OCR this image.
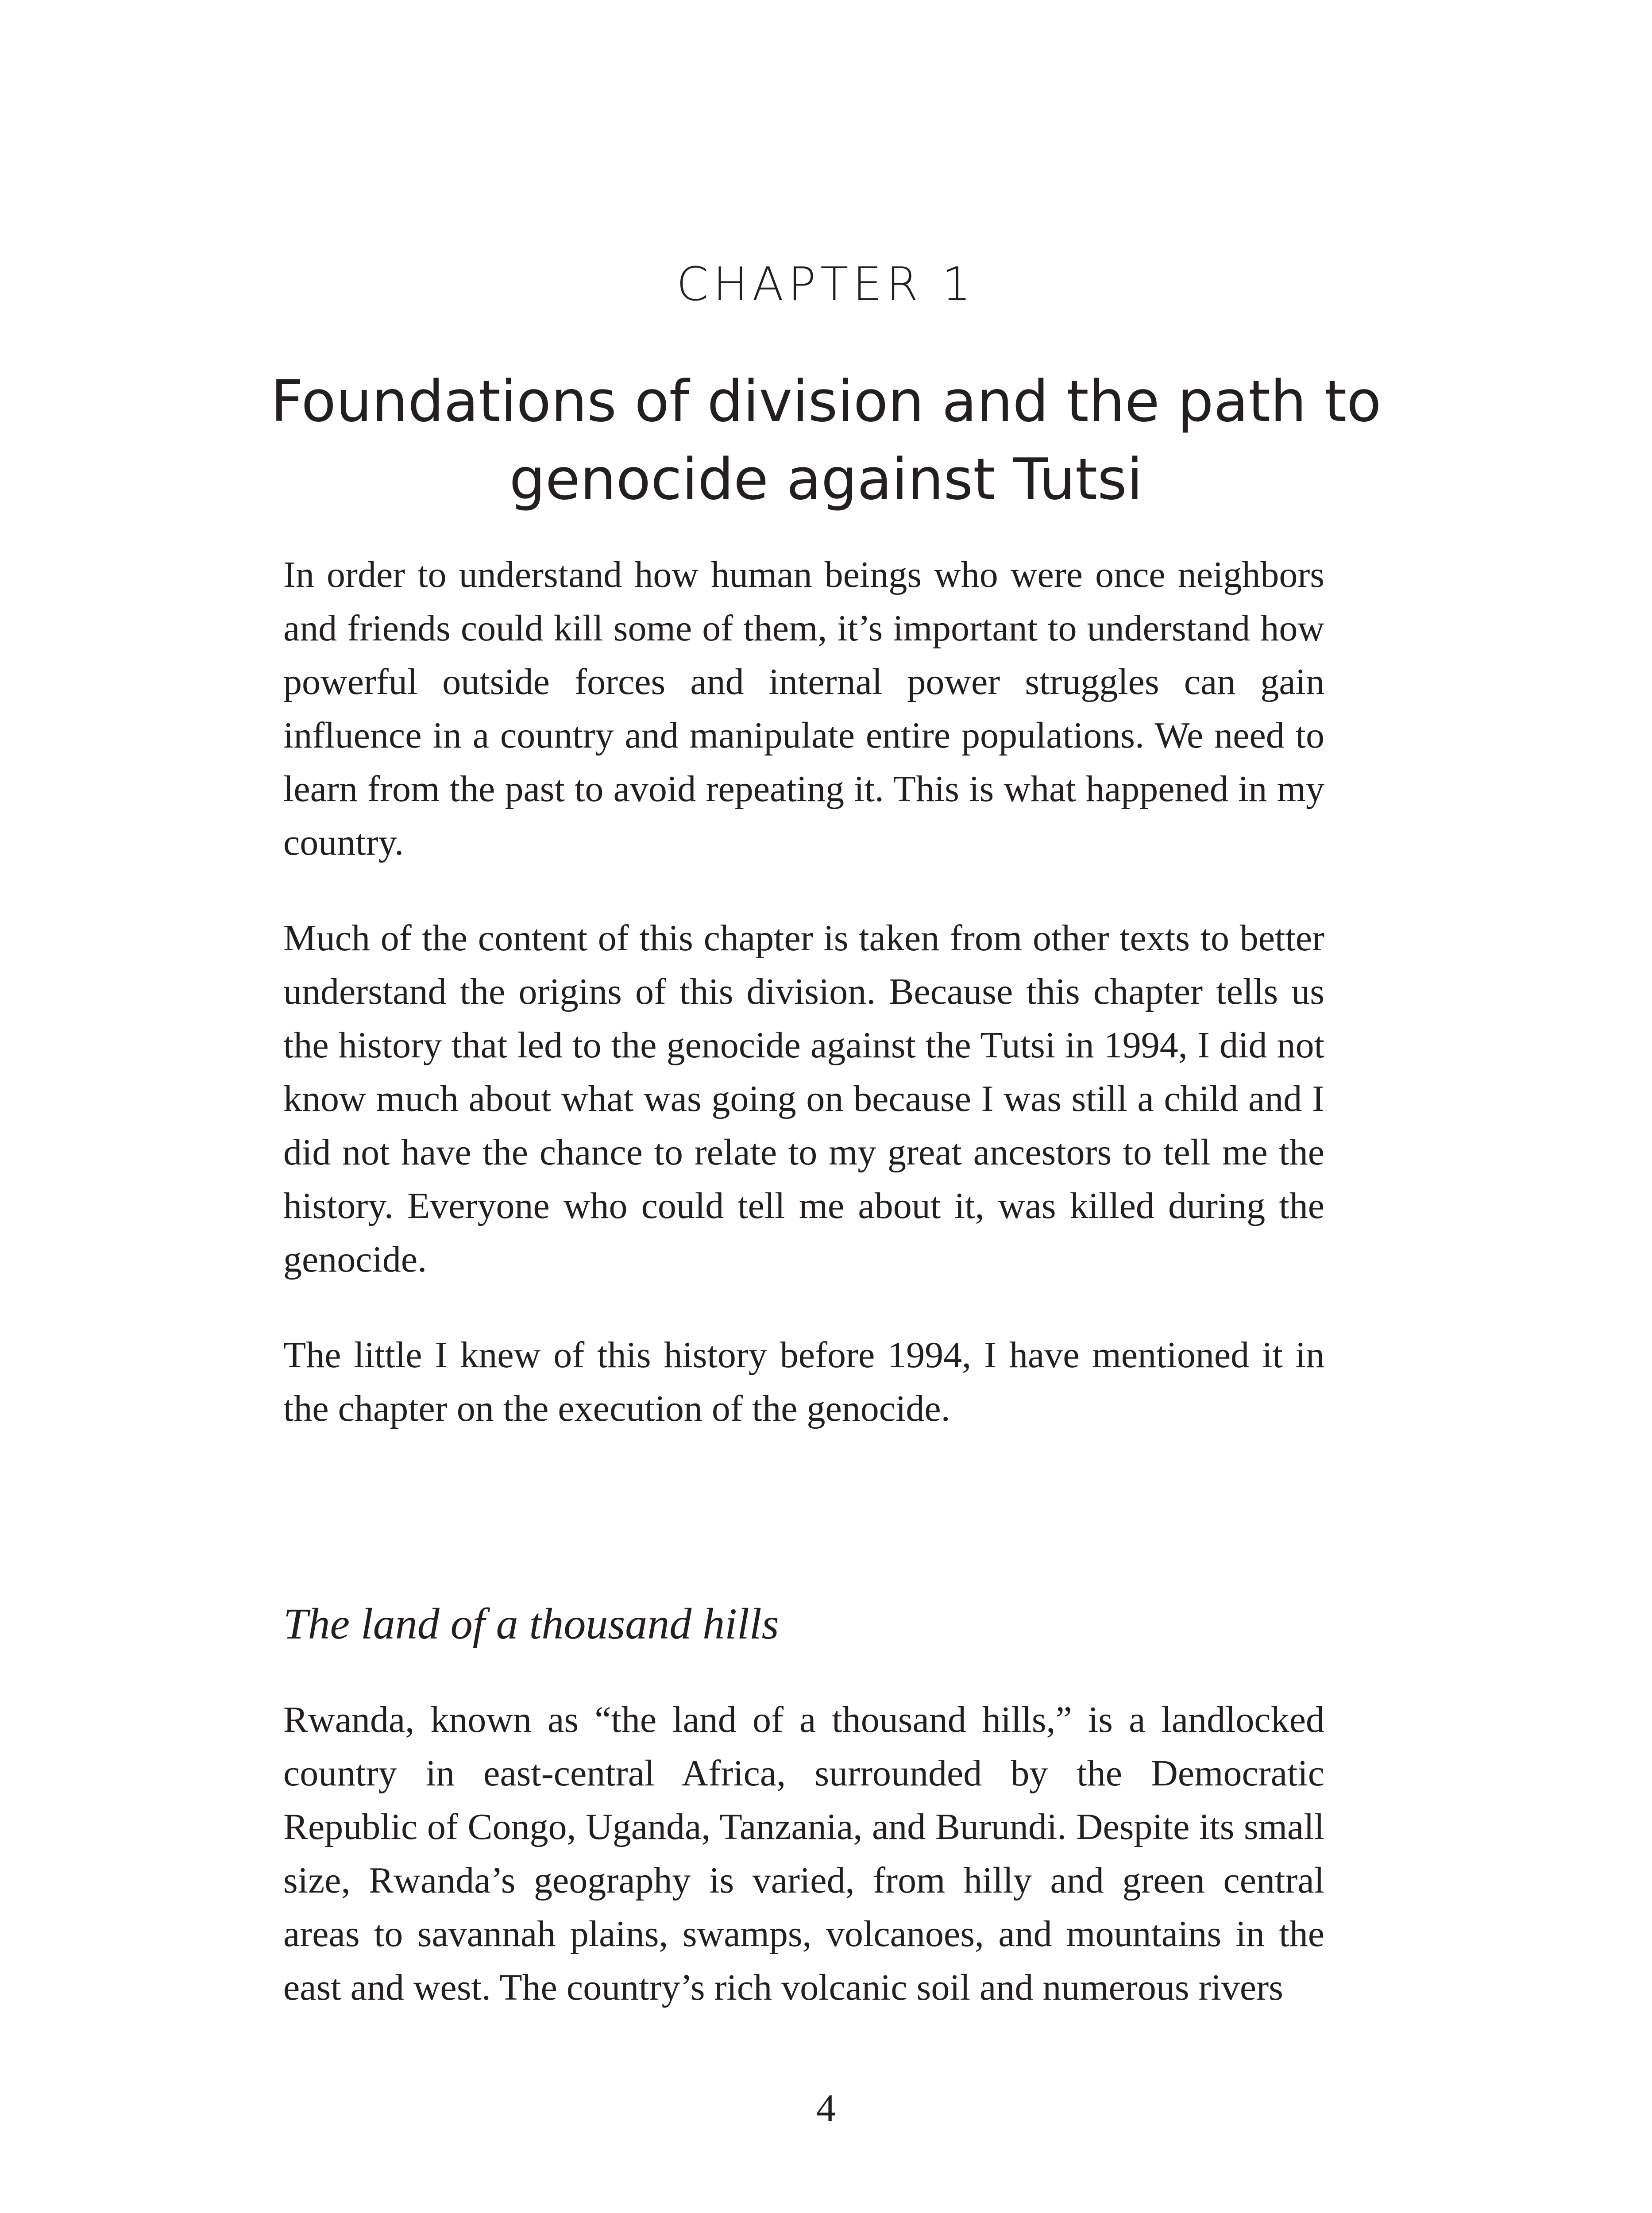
CHAPTER 1
Foundations of division and the path to genocide against Tutsi

In order to understand how human beings who were once neighbors and friends could kill some of them, it’s important to understand how powerful outside forces and internal power struggles can gain influence in a country and manipulate entire populations. We need to learn from the past to avoid repeating it. This is what happened in my country.

Much of the content of this chapter is taken from other texts to better understand the origins of this division. Because this chapter tells us the history that led to the genocide against the Tutsi in 1994, I did not know much about what was going on because I was still a child and I did not have the chance to relate to my great ancestors to tell me the history. Everyone who could tell me about it, was killed during the genocide.

The little I knew of this history before 1994, I have mentioned it in the chapter on the execution of the genocide.

The land of a thousand hills

Rwanda, known as “the land of a thousand hills,” is a landlocked country in east-central Africa, surrounded by the Democratic Republic of Congo, Uganda, Tanzania, and Burundi. Despite its small size, Rwanda’s geography is varied, from hilly and green central areas to savannah plains, swamps, volcanoes, and mountains in the east and west. The country’s rich volcanic soil and numerous rivers

4
